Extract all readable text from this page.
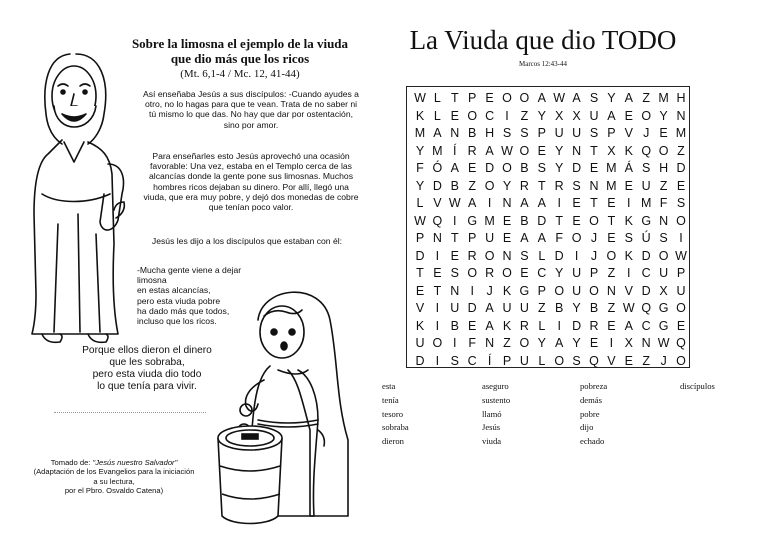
Sobre la limosna el ejemplo de la viuda
que dio más que los ricos
(Mt. 6,1-4 / Mc. 12, 41-44)
Así enseñaba Jesús a sus discípulos: -Cuando ayudes a otro, no lo hagas para que te vean. Trata de no saber ni tú mismo lo que das. No hay que dar por ostentación, sino por amor.
Para enseñarles esto Jesús aprovechó una ocasión favorable: Una vez, estaba en el Templo cerca de las alcancías donde la gente pone sus limosnas. Muchos hombres ricos dejaban su dinero. Por allí, llegó una viuda, que era muy pobre, y dejó dos monedas de cobre que tenían poco valor.
Jesús les dijo a los discípulos que estaban con él:
-Mucha gente viene a dejar limosna
en estas alcancías,
pero esta viuda pobre
ha dado más que todos,
incluso que los ricos.
Porque ellos dieron el dinero
que les sobraba,
pero esta viuda dio todo
lo que tenía para vivir.
Tomado de: "Jesús nuestro Salvador"
(Adaptación de los Evangelios para la iniciación
a su lectura,
por el Pbro. Osvaldo Catena)
La Viuda que dio TODO
Marcos 12:43-44
W L T P E O O A W A S Y A Z M H
K L E O C I Z Y X X U A E O Y N
M A N B H S S P U U S P V J E M
Y M Í R A W O E Y N T X K Q O Z
F Ó A E D O B S Y D E M Á S H D
Y D B Z O Y R T R S N M E U Z E
L V W A I N A A I E T E I M F S
W Q I G M E B D T E O T K G N O
P N T P U E A A F O J E S Ú S I
D I E R O N S L D I	J O K D O W
T E S O R O E C Y U P Z I C U P
E T N I	J K G P O U O N V D X U
V I U D A U U Z B Y B Z W Q G O
K I B E A K R L I D R E A C G E
U O I F N Z O Y A Y E I X N W Q
D I S C Í P U L O S Q V E Z J O
esta
tenía
tesoro
sobraba
dieron
aseguro
sustento
llamó
Jesús
viuda
pobreza
demás
pobre
dijo
echado
discípulos
